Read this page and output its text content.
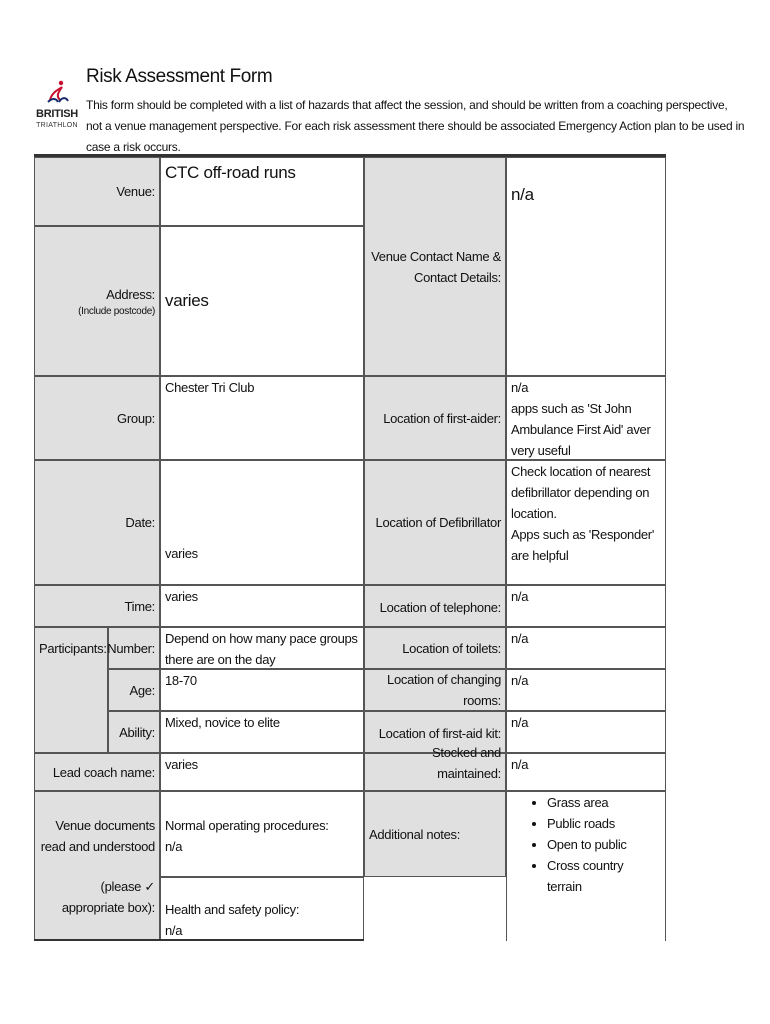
BRITISH
TRIATHLON
Risk Assessment Form
This form should be completed with a list of hazards that affect the session, and should be written from a coaching perspective, not a venue management perspective. For each risk assessment there should be associated Emergency Action plan to be used in case a risk occurs.
Venue:
CTC off-road runs
Address:
(Include postcode)
varies
Group:
Chester Tri Club
Date:
varies
Time:
varies
Participants: Number:
Depend on how many pace groups there are on the day
Age:
18-70
Ability:
Mixed, novice to elite
Lead coach name: varies
Venue documents read and understood
(please ✓ appropriate box):
Normal operating procedures:
n/a
Health and safety policy:
n/a
Venue Contact Name & Contact Details:
n/a
Location of first-aider:
n/a
apps such as 'St John Ambulance First Aid' aver very useful
Location of Defibrillator
Check location of nearest defibrillator depending on location.
Apps such as 'Responder' are helpful
Location of telephone:
n/a
Location of toilets:
n/a
Location of changing rooms:
n/a
Location of first-aid kit:
n/a
Stocked and maintained:
n/a
Additional notes:
• Grass area
• Public roads
• Open to public
• Cross country terrain
